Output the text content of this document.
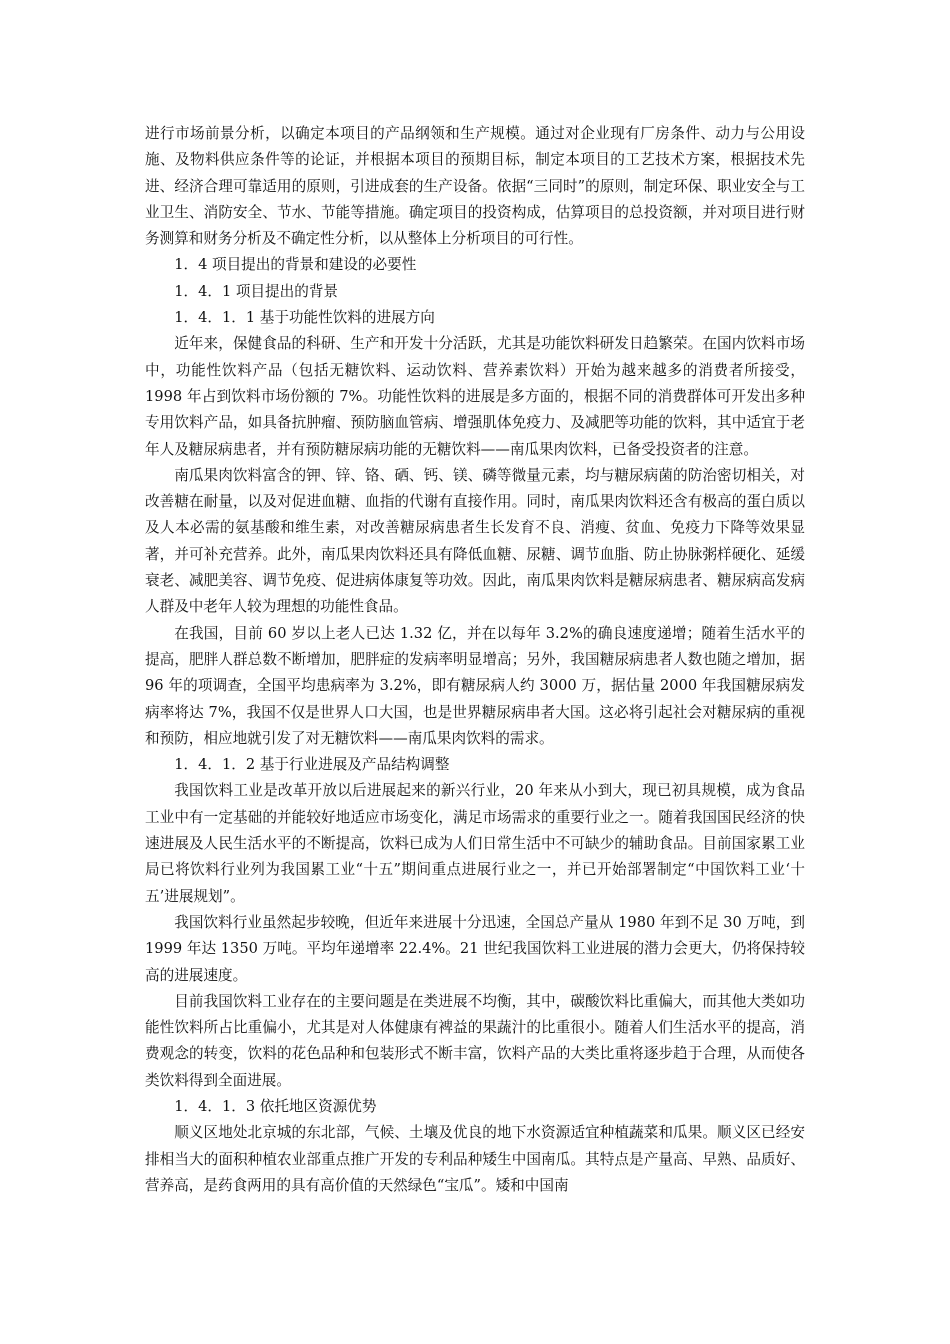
进行市场前景分析，以确定本项目的产品纲领和生产规模。通过对企业现有厂房条件、动力与公用设施、及物料供应条件等的论证，并根据本项目的预期目标，制定本项目的工艺技术方案，根据技术先进、经济合理可靠适用的原则，引进成套的生产设备。依据“三同时”的原则，制定环保、职业安全与工业卫生、消防安全、节水、节能等措施。确定项目的投资构成，估算项目的总投资额，并对项目进行财务测算和财务分析及不确定性分析，以从整体上分析项目的可行性。

1．4 项目提出的背景和建设的必要性

1．4．1 项目提出的背景

1．4．1．1 基于功能性饮料的进展方向

近年来，保健食品的科研、生产和开发十分活跃，尤其是功能饮料研发日趋繁荣。在国内饮料市场中，功能性饮料产品（包括无糖饮料、运动饮料、营养素饮料）开始为越来越多的消费者所接受，1998 年占到饮料市场份额的 7%。功能性饮料的进展是多方面的，根据不同的消费群体可开发出多种专用饮料产品，如具备抗肿瘤、预防脑血管病、增强肌体免疫力、及减肥等功能的饮料，其中适宜于老年人及糖尿病患者，并有预防糖尿病功能的无糖饮料——南瓜果肉饮料，已备受投资者的注意。

南瓜果肉饮料富含的钾、锌、铬、硒、钙、镁、磷等微量元素，均与糖尿病菌的防治密切相关，对改善糖在耐量，以及对促进血糖、血指的代谢有直接作用。同时，南瓜果肉饮料还含有极高的蛋白质以及人本必需的氨基酸和维生素，对改善糖尿病患者生长发育不良、消瘦、贫血、免疫力下降等效果显著，并可补充营养。此外，南瓜果肉饮料还具有降低血糖、尿糖、调节血脂、防止协脉粥样硬化、延缓衰老、减肥美容、调节免疫、促进病体康复等功效。因此，南瓜果肉饮料是糖尿病患者、糖尿病高发病人群及中老年人较为理想的功能性食品。

在我国，目前 60 岁以上老人已达 1.32 亿，并在以每年 3.2%的确良速度递增；随着生活水平的提高，肥胖人群总数不断增加，肥胖症的发病率明显增高；另外，我国糖尿病患者人数也随之增加，据 96 年的项调查，全国平均患病率为 3.2%，即有糖尿病人约 3000 万，据估量 2000 年我国糖尿病发病率将达 7%，我国不仅是世界人口大国，也是世界糖尿病串者大国。这必将引起社会对糖尿病的重视和预防，相应地就引发了对无糖饮料——南瓜果肉饮料的需求。

1．4．1．2 基于行业进展及产品结构调整

我国饮料工业是改革开放以后进展起来的新兴行业，20 年来从小到大，现已初具规模，成为食品工业中有一定基础的并能较好地适应市场变化，满足市场需求的重要行业之一。随着我国国民经济的快速进展及人民生活水平的不断提高，饮料已成为人们日常生活中不可缺少的辅助食品。目前国家累工业局已将饮料行业列为我国累工业“十五”期间重点进展行业之一，并已开始部署制定“中国饮料工业‘十五’进展规划”。

我国饮料行业虽然起步较晚，但近年来进展十分迅速，全国总产量从 1980 年到不足 30 万吨，到 1999 年达 1350 万吨。平均年递增率 22.4%。21 世纪我国饮料工业进展的潜力会更大，仍将保持较高的进展速度。

目前我国饮料工业存在的主要问题是在类进展不均衡，其中，碳酸饮料比重偏大，而其他大类如功能性饮料所占比重偏小，尤其是对人体健康有裨益的果蔬汁的比重很小。随着人们生活水平的提高，消费观念的转变，饮料的花色品种和包装形式不断丰富，饮料产品的大类比重将逐步趋于合理，从而使各类饮料得到全面进展。

1．4．1．3 依托地区资源优势

顺义区地处北京城的东北部，气候、土壤及优良的地下水资源适宜种植蔬菜和瓜果。顺义区已经安排相当大的面积种植农业部重点推广开发的专利品种矮生中国南瓜。其特点是产量高、早熟、品质好、营养高，是药食两用的具有高价值的天然绿色“宝瓜”。矮和中国南
